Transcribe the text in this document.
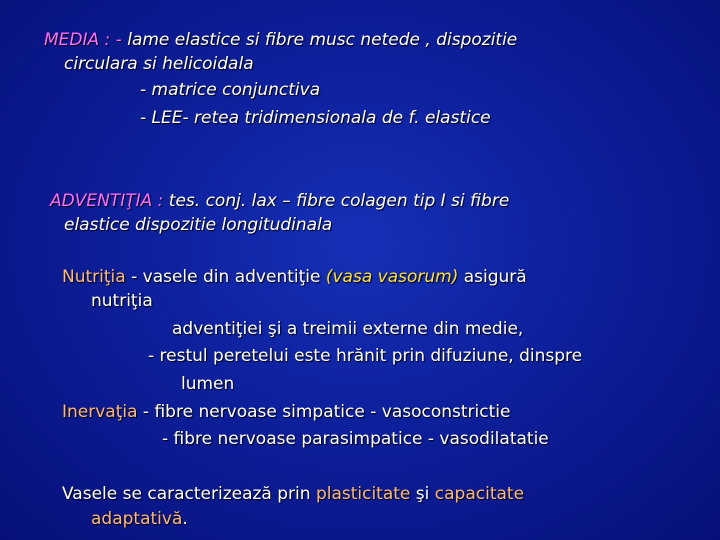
MEDIA : - lame elastice si fibre musc netede , dispozitie
circulara si helicoidala
- matrice conjunctiva
- LEE- retea tridimensionala de f. elastice
ADVENTIŢIA : tes. conj. lax – fibre colagen tip I si fibre
elastice dispozitie longitudinala
Nutriţia - vasele din adventiţie (vasa vasorum) asigură
nutriţia
adventiţiei şi a treimii externe din medie,
- restul peretelui este hrănit prin difuziune, dinspre
lumen
Inervaţia - fibre nervoase simpatice - vasoconstrictie
- fibre nervoase parasimpatice - vasodilatatie
Vasele se caracterizează prin plasticitate şi capacitate
adaptativă.
